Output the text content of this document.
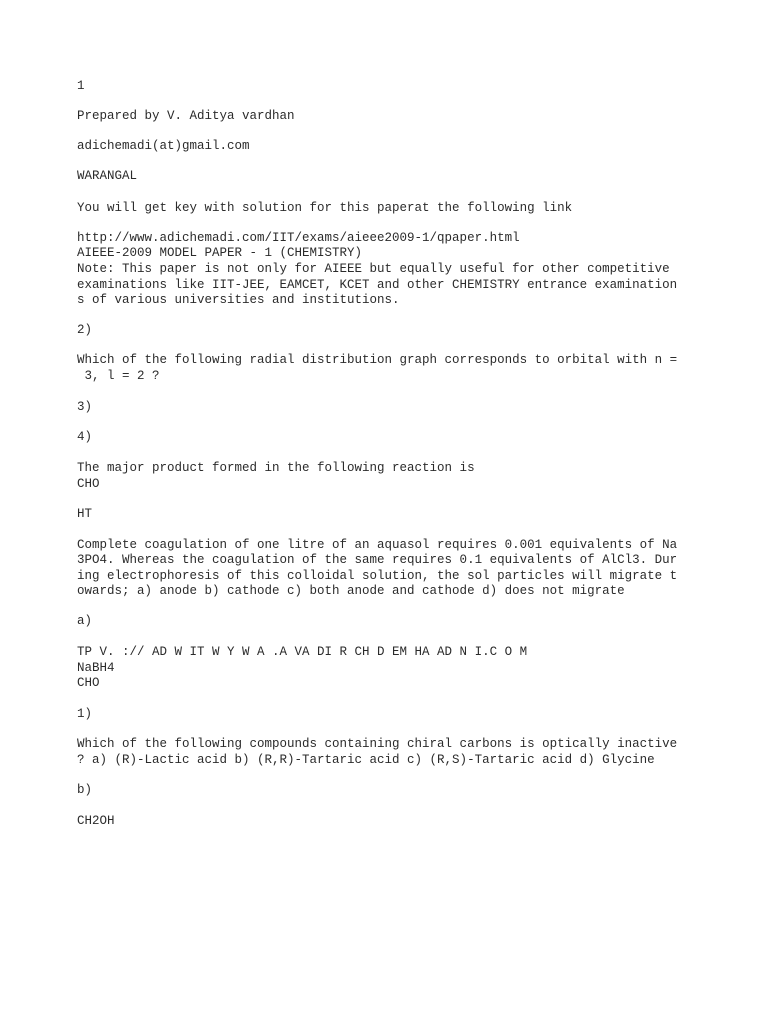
1

Prepared by V. Aditya vardhan

adichemadi(at)gmail.com

WARANGAL

You will get key with solution for this paperat the following link

http://www.adichemadi.com/IIT/exams/aieee2009-1/qpaper.html

AIEEE-2009 MODEL PAPER - 1 (CHEMISTRY)

Note: This paper is not only for AIEEE but equally useful for other competitive

examinations like IIT-JEE, EAMCET, KCET and other CHEMISTRY entrance examination

s of various universities and institutions.

2)

Which of the following radial distribution graph corresponds to orbital with n =

3, l = 2 ?

3)

4)

The major product formed in the following reaction is

CHO

HT

Complete coagulation of one litre of an aquasol requires 0.001 equivalents of Na

3PO4. Whereas the coagulation of the same requires 0.1 equivalents of AlCl3. Dur

ing electrophoresis of this colloidal solution, the sol particles will migrate t

owards; a) anode b) cathode c) both anode and cathode d) does not migrate

a)

TP V. :// AD W IT W Y W A .A VA DI R CH D EM HA AD N I.C O M

NaBH4

CHO

1)

Which of the following compounds containing chiral carbons is optically inactive

? a) (R)-Lactic acid b) (R,R)-Tartaric acid c) (R,S)-Tartaric acid d) Glycine

b)

CH2OH
